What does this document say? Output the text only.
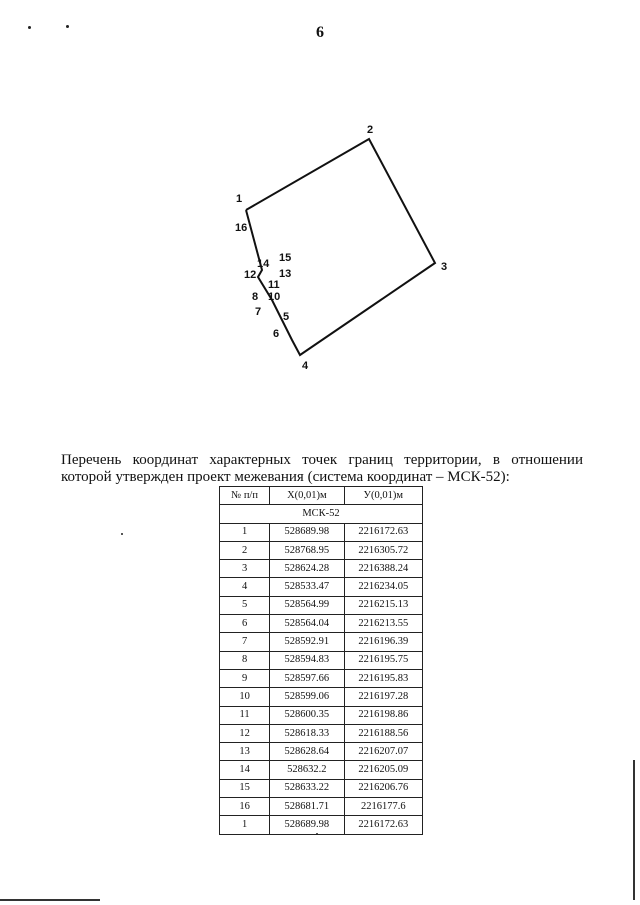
6
1
2
3
4
5
6
7
8 10
11
12 13
14 15
16
Перечень координат характерных точек границ территории, в отношении которой утвержден проект межевания (система координат – МСК-52):
№ п/п	X(0,01)м	У(0,01)м
МСК-52		
1	528689.98	2216172.63
2	528768.95	2216305.72
3	528624.28	2216388.24
4	528533.47	2216234.05
5	528564.99	2216215.13
6	528564.04	2216213.55
7	528592.91	2216196.39
8	528594.83	2216195.75
9	528597.66	2216195.83
10	528599.06	2216197.28
11	528600.35	2216198.86
12	528618.33	2216188.56
13	528628.64	2216207.07
14	528632.2	2216205.09
15	528633.22	2216206.76
16	528681.71	2216177.6
1	528689.98	2216172.63
